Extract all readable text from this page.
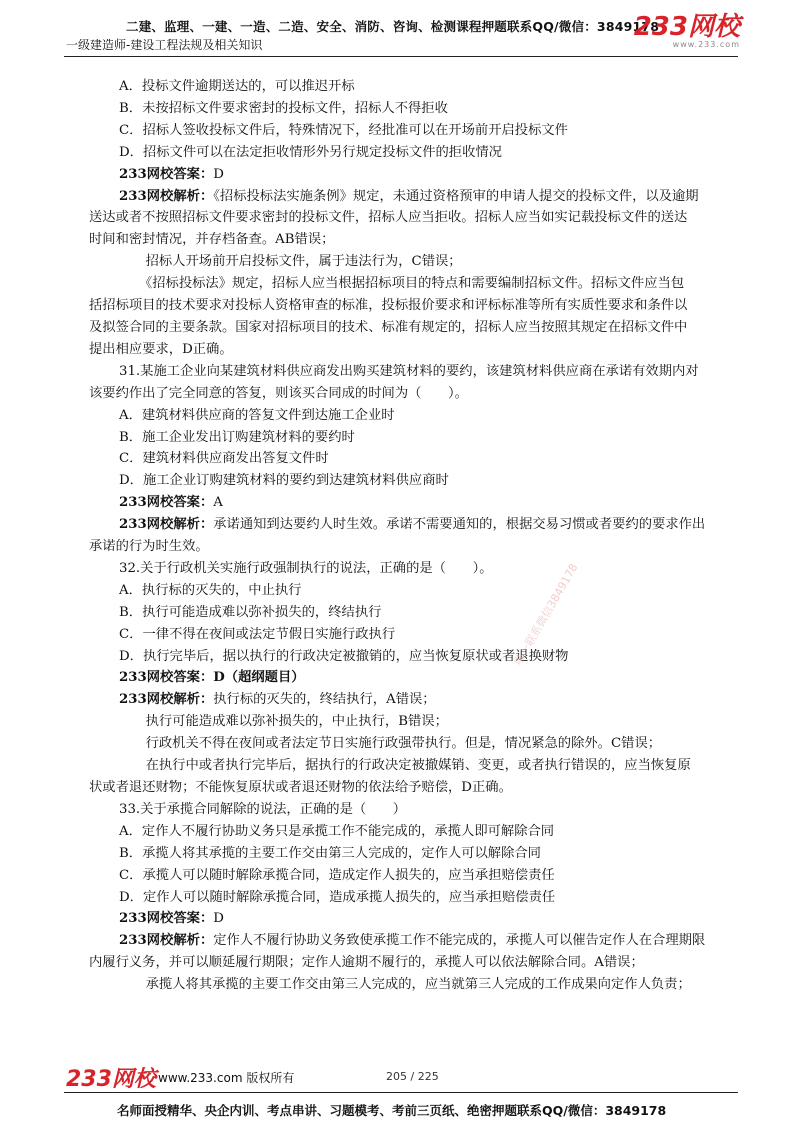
二建、监理、一建、一造、二造、安全、消防、咨询、检测课程押题联系QQ/微信：3849178
一级建造师-建设工程法规及相关知识
233网校
www.233.com

A．投标文件逾期送达的，可以推迟开标

B．未按招标文件要求密封的投标文件，招标人不得拒收

C．招标人签收投标文件后，特殊情况下，经批准可以在开场前开启投标文件

D．招标文件可以在法定拒收情形外另行规定投标文件的拒收情况

233网校答案：D

233网校解析：《招标投标法实施条例》规定，未通过资格预审的申请人提交的投标文件，以及逾期

送达或者不按照招标文件要求密封的投标文件，招标人应当拒收。招标人应当如实记载投标文件的送达

时间和密封情况，并存档备查。AB错误；

　　招标人开场前开启投标文件，属于违法行为，C错误；

　　《招标投标法》规定，招标人应当根据招标项目的特点和需要编制招标文件。招标文件应当包

括招标项目的技术要求对投标人资格审查的标准，投标报价要求和评标标准等所有实质性要求和条件以

及拟签合同的主要条款。国家对招标项目的技术、标准有规定的，招标人应当按照其规定在招标文件中

提出相应要求，D正确。

31.某施工企业向某建筑材料供应商发出购买建筑材料的要约，该建筑材料供应商在承诺有效期内对

该要约作出了完全同意的答复，则该买合同成的时间为（　　）。

A．建筑材料供应商的答复文件到达施工企业时

B．施工企业发出订购建筑材料的要约时

C．建筑材料供应商发出答复文件时

D．施工企业订购建筑材料的要约到达建筑材料供应商时

233网校答案：A

233网校解析：承诺通知到达要约人时生效。承诺不需要通知的，根据交易习惯或者要约的要求作出

承诺的行为时生效。

32.关于行政机关实施行政强制执行的说法，正确的是（　　）。

A．执行标的灭失的，中止执行

B．执行可能造成难以弥补损失的，终结执行

C．一律不得在夜间或法定节假日实施行政执行

D．执行完毕后，据以执行的行政决定被撤销的，应当恢复原状或者退换财物

233网校答案：D（超纲题目）

233网校解析：执行标的灭失的，终结执行，A错误；

　　执行可能造成难以弥补损失的，中止执行，B错误；

　　行政机关不得在夜间或者法定节日实施行政强带执行。但是，情况紧急的除外。C错误；

　　在执行中或者执行完毕后，据执行的行政决定被撤媒销、变更，或者执行错误的，应当恢复原

状或者退还财物；不能恢复原状或者退还财物的依法给予赔偿，D正确。

33.关于承揽合同解除的说法，正确的是（　　）

A．定作人不履行协助义务只是承揽工作不能完成的，承揽人即可解除合同

B．承揽人将其承揽的主要工作交由第三人完成的，定作人可以解除合同

C．承揽人可以随时解除承揽合同，造成定作人损失的，应当承担赔偿责任

D．定作人可以随时解除承揽合同，造成承揽人损失的，应当承担赔偿责任

233网校答案：D

233网校解析：定作人不履行协助义务致使承揽工作不能完成的，承揽人可以催告定作人在合理期限

内履行义务，并可以顺延履行期限；定作人逾期不履行的，承揽人可以依法解除合同。A错误；

　　承揽人将其承揽的主要工作交由第三人完成的，应当就第三人完成的工作成果向定作人负责；

唯一联系微信3849178
233网校 www.233.com 版权所有	205 / 225
名师面授精华、央企内训、考点串讲、习题模考、考前三页纸、绝密押题联系QQ/微信：3849178
